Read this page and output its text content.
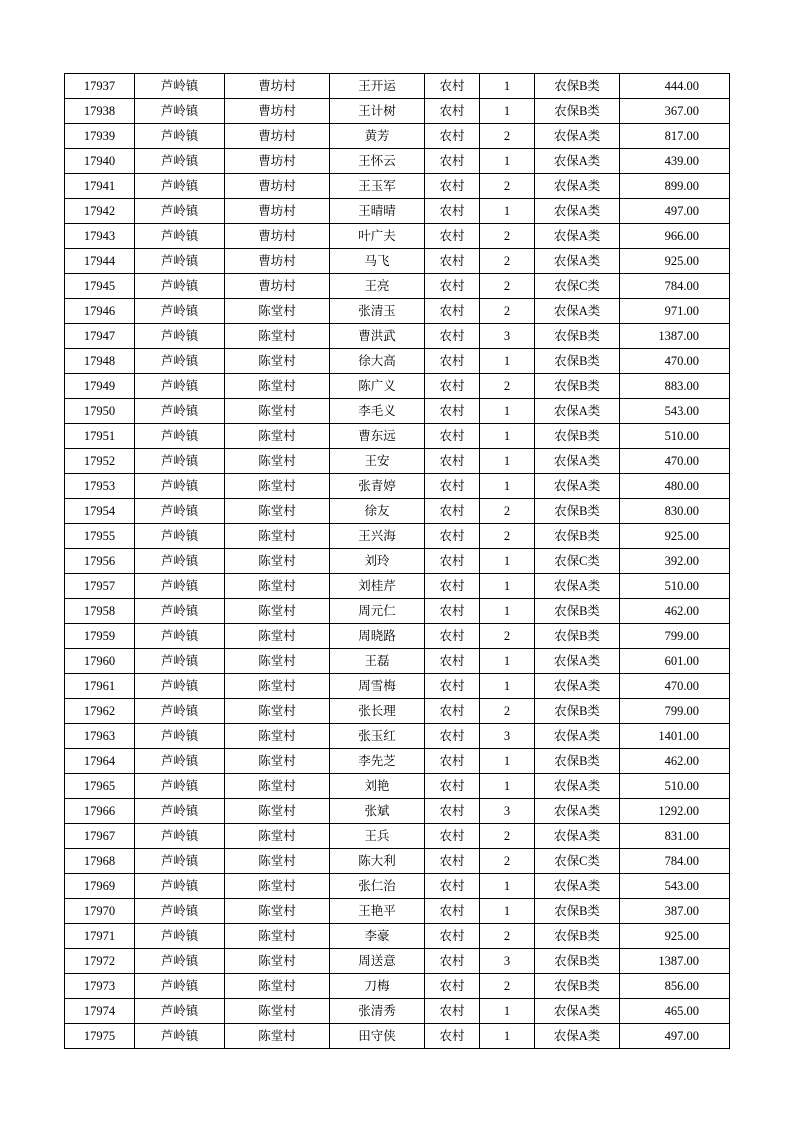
17937	芦岭镇	曹坊村	王开运	农村	1	农保B类	444.00
17938	芦岭镇	曹坊村	王计树	农村	1	农保B类	367.00
17939	芦岭镇	曹坊村	黄芳	农村	2	农保A类	817.00
17940	芦岭镇	曹坊村	王怀云	农村	1	农保A类	439.00
17941	芦岭镇	曹坊村	王玉军	农村	2	农保A类	899.00
17942	芦岭镇	曹坊村	王晴晴	农村	1	农保A类	497.00
17943	芦岭镇	曹坊村	叶广夫	农村	2	农保A类	966.00
17944	芦岭镇	曹坊村	马飞	农村	2	农保A类	925.00
17945	芦岭镇	曹坊村	王亮	农村	2	农保C类	784.00
17946	芦岭镇	陈堂村	张清玉	农村	2	农保A类	971.00
17947	芦岭镇	陈堂村	曹洪武	农村	3	农保B类	1387.00
17948	芦岭镇	陈堂村	徐大高	农村	1	农保B类	470.00
17949	芦岭镇	陈堂村	陈广义	农村	2	农保B类	883.00
17950	芦岭镇	陈堂村	李毛义	农村	1	农保A类	543.00
17951	芦岭镇	陈堂村	曹东远	农村	1	农保B类	510.00
17952	芦岭镇	陈堂村	王安	农村	1	农保A类	470.00
17953	芦岭镇	陈堂村	张青婷	农村	1	农保A类	480.00
17954	芦岭镇	陈堂村	徐友	农村	2	农保B类	830.00
17955	芦岭镇	陈堂村	王兴海	农村	2	农保B类	925.00
17956	芦岭镇	陈堂村	刘玲	农村	1	农保C类	392.00
17957	芦岭镇	陈堂村	刘桂芹	农村	1	农保A类	510.00
17958	芦岭镇	陈堂村	周元仁	农村	1	农保B类	462.00
17959	芦岭镇	陈堂村	周晓路	农村	2	农保B类	799.00
17960	芦岭镇	陈堂村	王磊	农村	1	农保A类	601.00
17961	芦岭镇	陈堂村	周雪梅	农村	1	农保A类	470.00
17962	芦岭镇	陈堂村	张长理	农村	2	农保B类	799.00
17963	芦岭镇	陈堂村	张玉红	农村	3	农保A类	1401.00
17964	芦岭镇	陈堂村	李先芝	农村	1	农保B类	462.00
17965	芦岭镇	陈堂村	刘艳	农村	1	农保A类	510.00
17966	芦岭镇	陈堂村	张斌	农村	3	农保A类	1292.00
17967	芦岭镇	陈堂村	王兵	农村	2	农保A类	831.00
17968	芦岭镇	陈堂村	陈大利	农村	2	农保C类	784.00
17969	芦岭镇	陈堂村	张仁治	农村	1	农保A类	543.00
17970	芦岭镇	陈堂村	王艳平	农村	1	农保B类	387.00
17971	芦岭镇	陈堂村	李豪	农村	2	农保B类	925.00
17972	芦岭镇	陈堂村	周送意	农村	3	农保B类	1387.00
17973	芦岭镇	陈堂村	刀梅	农村	2	农保B类	856.00
17974	芦岭镇	陈堂村	张清秀	农村	1	农保A类	465.00
17975	芦岭镇	陈堂村	田守侠	农村	1	农保A类	497.00
